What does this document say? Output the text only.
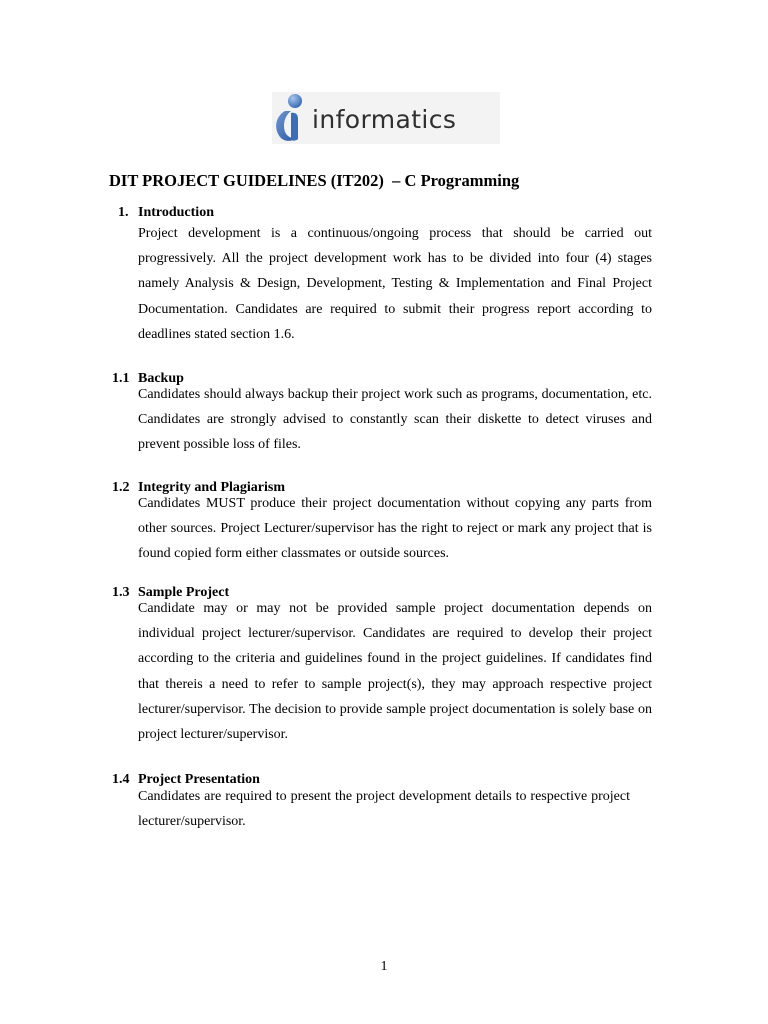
informatics
DIT PROJECT GUIDELINES (IT202)  – C Programming
1. Introduction

Project development is a continuous/ongoing process that should be carried out progressively. All the project development work has to be divided into four (4) stages namely Analysis & Design, Development, Testing & Implementation and Final Project Documentation. Candidates are required to submit their progress report according to deadlines stated section 1.6.

1.1 Backup

Candidates should always backup their project work such as programs, documentation, etc. Candidates are strongly advised to constantly scan their diskette to detect viruses and prevent possible loss of files.

1.2 Integrity and Plagiarism

Candidates MUST produce their project documentation without copying any parts from other sources. Project Lecturer/supervisor has the right to reject or mark any project that is found copied form either classmates or outside sources.

1.3 Sample Project

Candidate may or may not be provided sample project documentation depends on individual project lecturer/supervisor. Candidates are required to develop their project according to the criteria and guidelines found in the project guidelines. If candidates find that thereis a need to refer to sample project(s), they may approach respective project lecturer/supervisor. The decision to provide sample project documentation is solely base on project lecturer/supervisor.

1.4 Project Presentation

Candidates are required to present the project development details to respective project lecturer/supervisor.

1
